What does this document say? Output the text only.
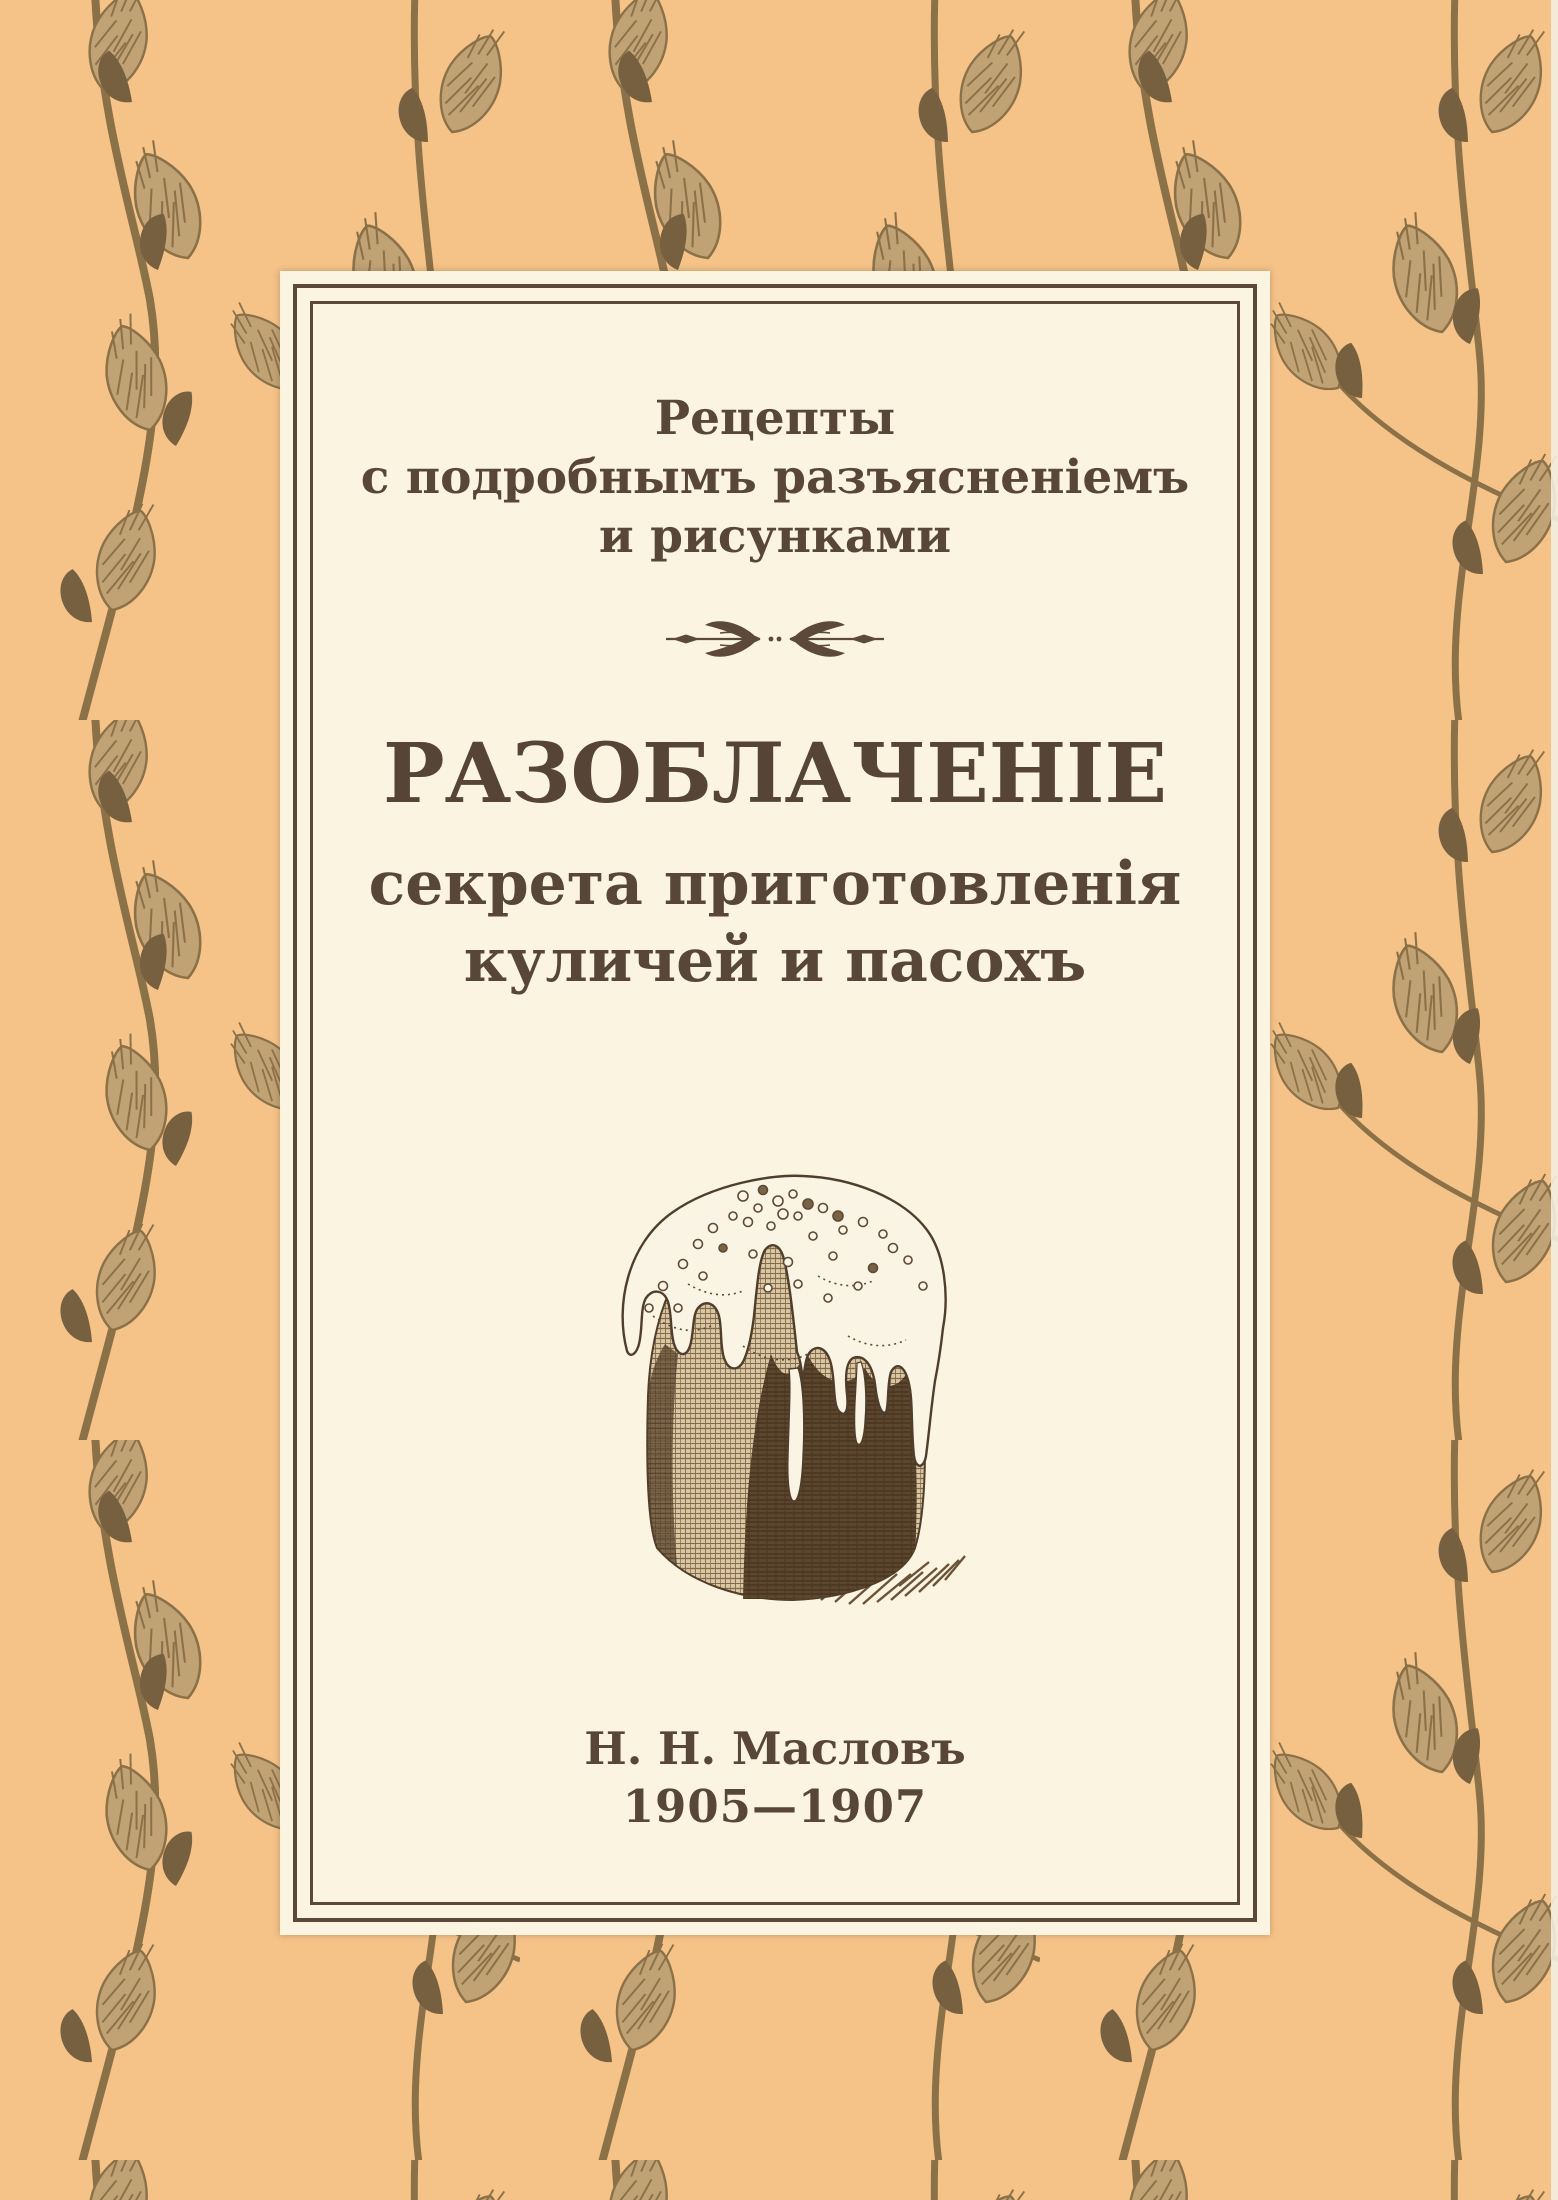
Рецепты
с подробнымъ разъясненіемъ
и рисунками
РАЗОБЛАЧЕНІЕ
секрета приготовленія
куличей и пасохъ
Н. Н. Масловъ
1905—1907
